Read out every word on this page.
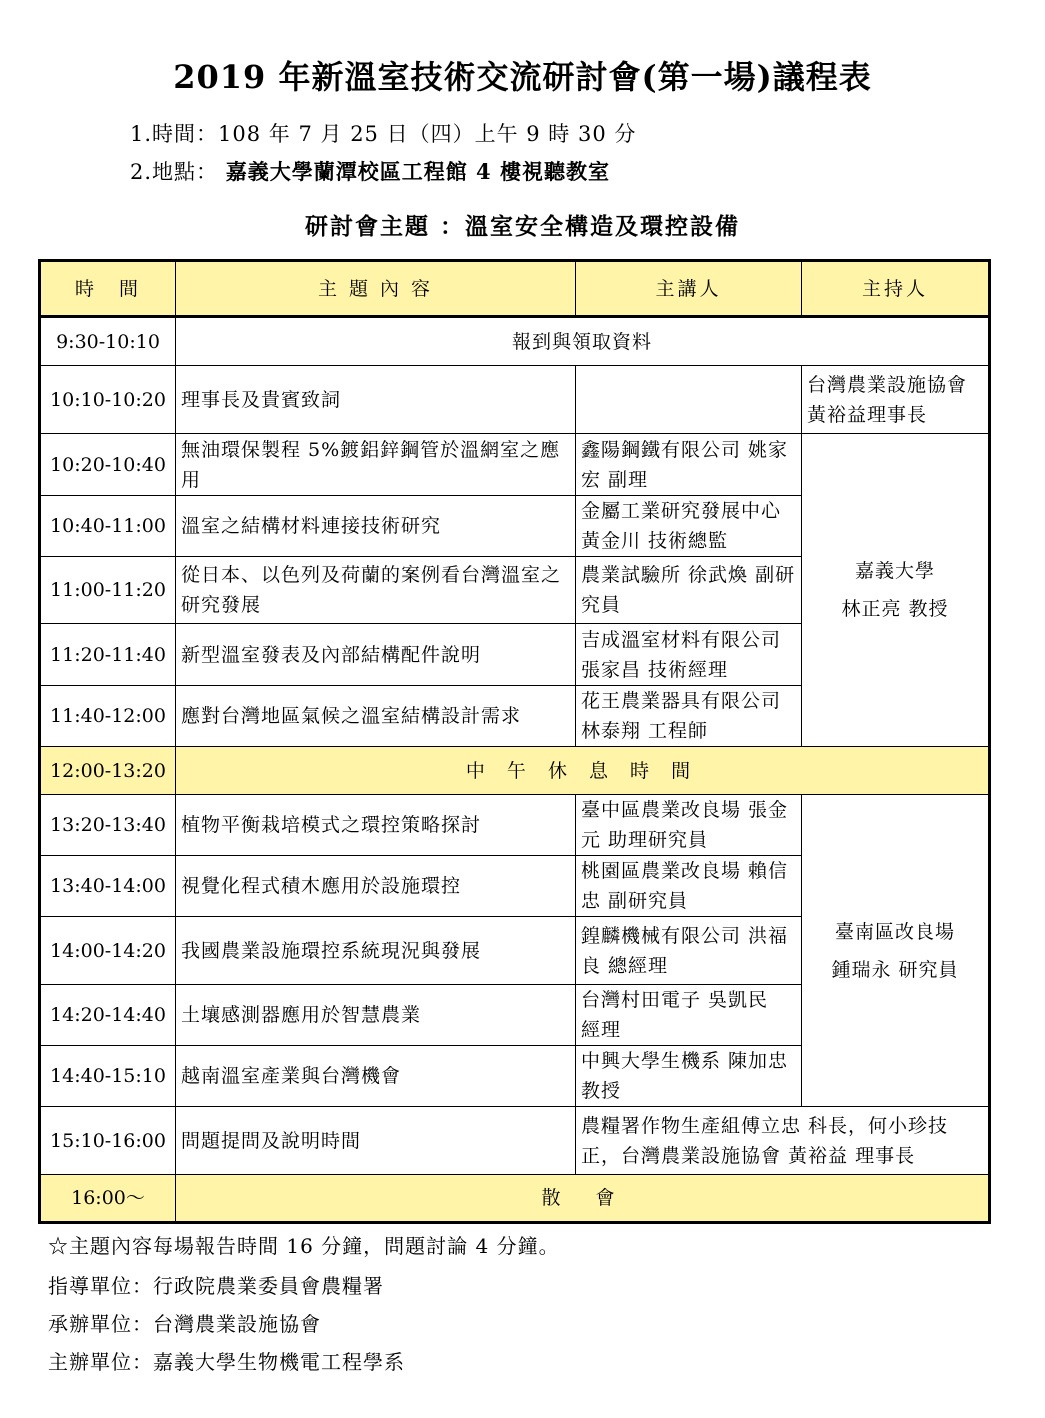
2019 年新溫室技術交流研討會(第一場)議程表
1.時間：108 年 7 月 25 日（四）上午 9 時 30 分
2.地點： 嘉義大學蘭潭校區工程館 4 樓視聽教室
研討會主題 ：溫室安全構造及環控設備
時　間	主 題 內 容	主講人	主持人
9:30-10:10	報到與領取資料		
10:10-10:20	理事長及貴賓致詞		台灣農業設施協會 黃裕益理事長
10:20-10:40	無油環保製程 5%鍍鋁鋅鋼管於溫網室之應用	鑫陽鋼鐵有限公司 姚家宏 副理	嘉義大學
林正亮 教授

10:40-11:00	溫室之結構材料連接技術研究	金屬工業研究發展中心 黃金川 技術總監	
11:00-11:20	從日本、以色列及荷蘭的案例看台灣溫室之研究發展	農業試驗所 徐武煥 副研究員	
11:20-11:40	新型溫室發表及內部結構配件說明	吉成溫室材料有限公司 張家昌 技術經理	
11:40-12:00	應對台灣地區氣候之溫室結構設計需求	花王農業器具有限公司 林泰翔 工程師	
12:00-13:20	中 午 休 息 時 間		
13:20-13:40	植物平衡栽培模式之環控策略探討	臺中區農業改良場 張金元 助理研究員	臺南區改良場
鍾瑞永 研究員

13:40-14:00	視覺化程式積木應用於設施環控	桃園區農業改良場 賴信忠 副研究員	
14:00-14:20	我國農業設施環控系統現況與發展	鍠麟機械有限公司 洪福良 總經理	
14:20-14:40	土壤感測器應用於智慧農業	台灣村田電子 吳凱民　經理	
14:40-15:10	越南溫室產業與台灣機會	中興大學生機系 陳加忠 教授	
15:10-16:00	問題提問及說明時間	農糧署作物生產組傅立忠 科長，何小珍技正，台灣農業設施協會 黃裕益 理事長	
16:00～	散　會		
☆主題內容每場報告時間 16 分鐘，問題討論 4 分鐘。
指導單位：行政院農業委員會農糧署
承辦單位：台灣農業設施協會
主辦單位：嘉義大學生物機電工程學系
